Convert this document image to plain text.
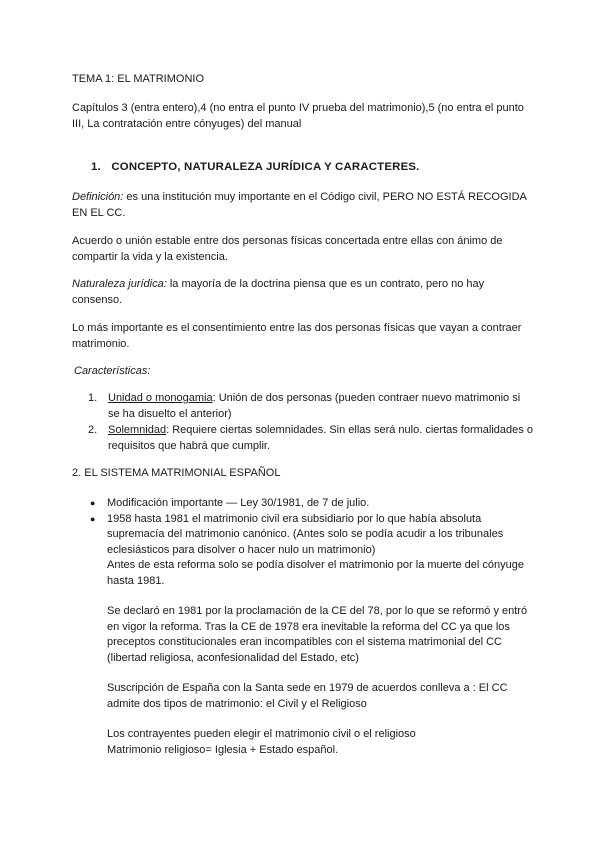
TEMA 1: EL MATRIMONIO

Capítulos 3 (entra entero),4 (no entra el punto IV prueba del matrimonio),5 (no entra el punto III, La contratación entre cónyuges) del manual

1. CONCEPTO, NATURALEZA JURÍDICA Y CARACTERES.

Definición: es una institución muy importante en el Código civil, PERO NO ESTÁ RECOGIDA EN EL CC.

Acuerdo o unión estable entre dos personas físicas concertada entre ellas con ánimo de compartir la vida y la existencia.

Naturaleza jurídica: la mayoría de la doctrina piensa que es un contrato, pero no hay consenso.

Lo más importante es el consentimiento entre las dos personas físicas que vayan a contraer matrimonio.

Características:

1. Unidad o monogamia: Unión de dos personas (pueden contraer nuevo matrimonio si se ha disuelto el anterior)
2. Solemnidad: Requiere ciertas solemnidades. Sin ellas será nulo. ciertas formalidades o requisitos que habrá que cumplir.

2. EL SISTEMA MATRIMONIAL ESPAÑOL

● Modificación importante — Ley 30/1981, de 7 de julio.
● 1958 hasta 1981 el matrimonio civil era subsidiario por lo que había absoluta supremacía del matrimonio canónico. (Antes solo se podía acudir a los tribunales eclesiásticos para disolver o hacer nulo un matrimonio)

Antes de esta reforma solo se podía disolver el matrimonio por la muerte del cónyuge hasta 1981.

Se declaró en 1981 por la proclamación de la CE del 78, por lo que se reformó y entró en vigor la reforma. Tras la CE de 1978 era inevitable la reforma del CC ya que los preceptos constitucionales eran incompatibles con el sistema matrimonial del CC (libertad religiosa, aconfesionalidad del Estado, etc)

Suscripción de España con la Santa sede en 1979 de acuerdos conlleva a : El CC admite dos tipos de matrimonio: el Civil y el Religioso

Los contrayentes pueden elegir el matrimonio civil o el religioso

Matrimonio religioso= Iglesia + Estado español.
